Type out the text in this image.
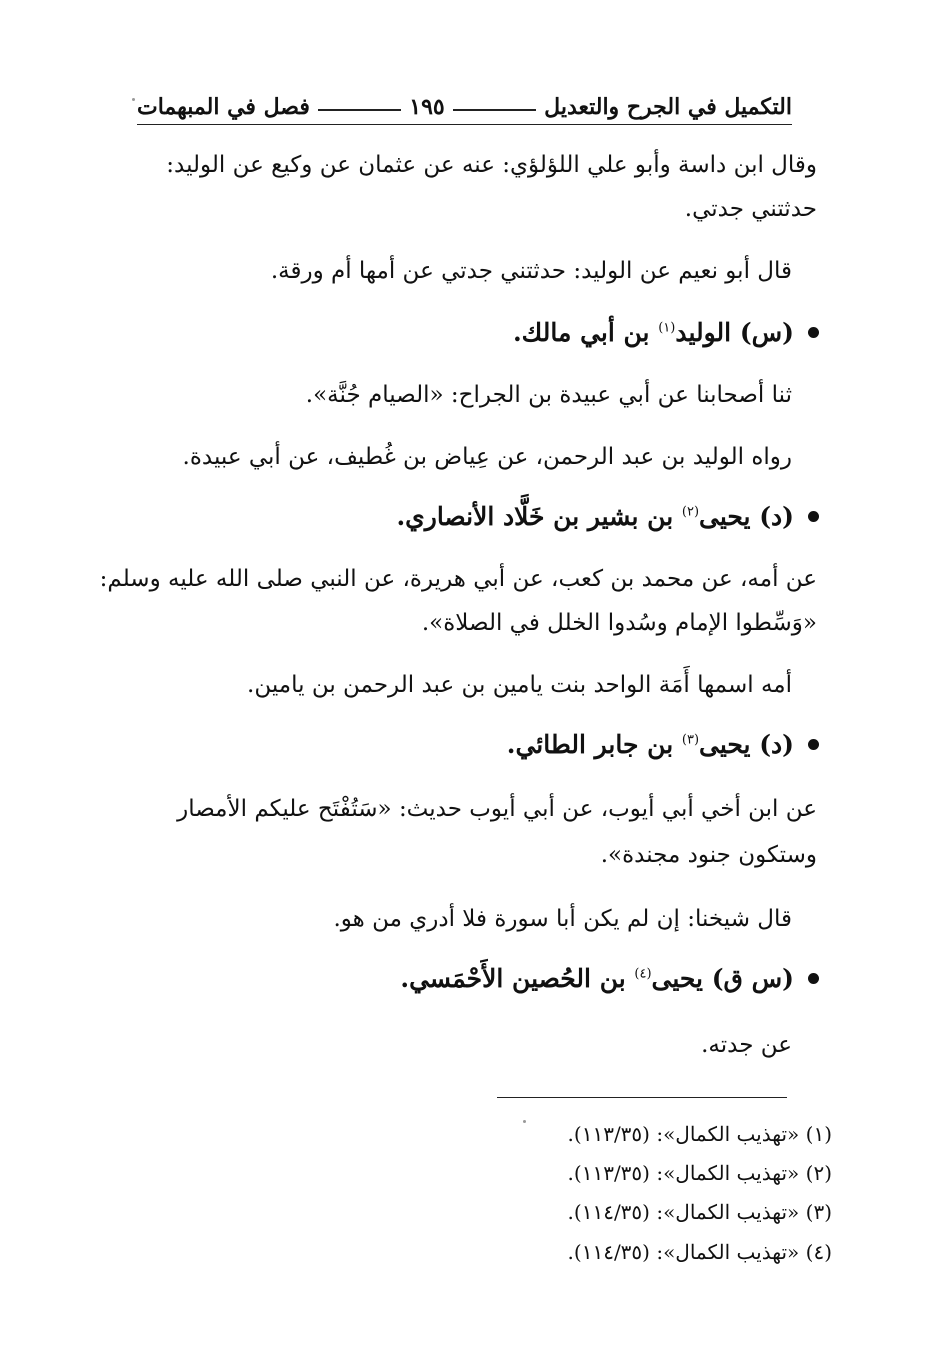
التكميل في الجرح والتعديل
١٩٥
فصل في المبهمات
وقال ابن داسة وأبو علي اللؤلؤي: عنه عن عثمان عن وكيع عن الوليد:
حدثتني جدتي.
قال أبو نعيم عن الوليد: حدثتني جدتي عن أمها أم ورقة.
(س) الوليد$^{(١)}$ بن أبي مالك.
ثنا أصحابنا عن أبي عبيدة بن الجراح: «الصيام جُنَّة».
رواه الوليد بن عبد الرحمن، عن عِياض بن غُطيف، عن أبي عبيدة.
(د) يحيى$^{(٢)}$ بن بشير بن خَلَّاد الأنصاري.
عن أمه، عن محمد بن كعب، عن أبي هريرة، عن النبي صلى الله عليه وسلم:
«وَسِّطوا الإمام وسُدوا الخلل في الصلاة».
أمه اسمها أَمَة الواحد بنت يامين بن عبد الرحمن بن يامين.
(د) يحيى$^{(٣)}$ بن جابر الطائي.
عن ابن أخي أبي أيوب، عن أبي أيوب حديث: «سَتُفْتَح عليكم الأمصار
وستكون جنود مجندة».
قال شيخنا: إن لم يكن أبا سورة فلا أدري من هو.
(س ق) يحيى$^{(٤)}$ بن الحُصين الأَحْمَسي.
عن جدته.
(١) «تهذيب الكمال»: (١١٣/٣٥).
(٢) «تهذيب الكمال»: (١١٣/٣٥).
(٣) «تهذيب الكمال»: (١١٤/٣٥).
(٤) «تهذيب الكمال»: (١١٤/٣٥).
